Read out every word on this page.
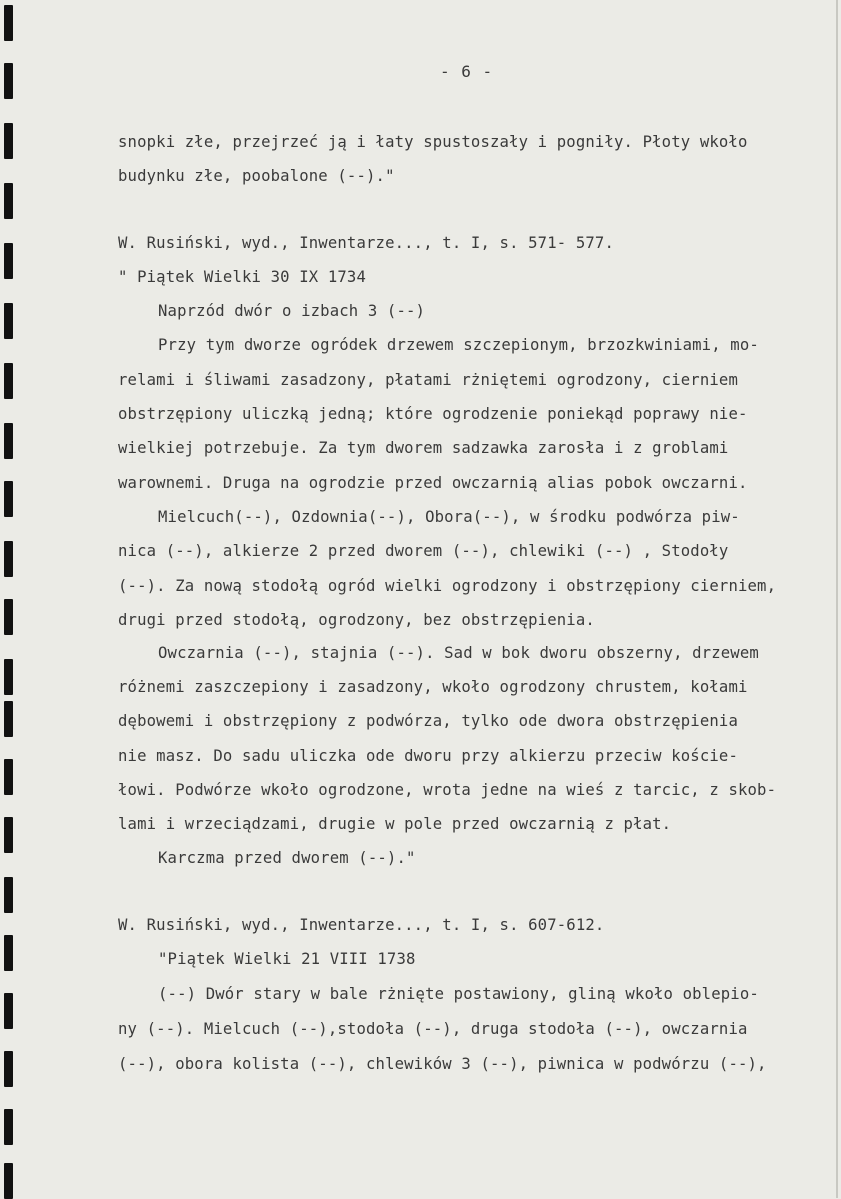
- 6 -
snopki złe, przejrzeć ją i łaty spustoszały i pogniły. Płoty wkoło
budynku złe, poobalone (--)."
W. Rusiński, wyd., Inwentarze..., t. I, s. 571- 577.
" Piątek Wielki 30 IX 1734
Naprzód dwór o izbach 3 (--)
Przy tym dworze ogródek drzewem szczepionym, brzozkwiniami, mo-
relami i śliwami zasadzony, płatami rżniętemi ogrodzony, cierniem
obstrzępiony uliczką jedną; które ogrodzenie poniekąd poprawy nie-
wielkiej potrzebuje. Za tym dworem sadzawka zarosła i z groblami
warownemi. Druga na ogrodzie przed owczarnią alias pobok owczarni.
Mielcuch(--), Ozdownia(--), Obora(--), w środku podwórza piw-
nica (--), alkierze 2 przed dworem (--), chlewiki (--) , Stodoły
(--). Za nową stodołą ogród wielki ogrodzony i obstrzępiony cierniem,
drugi przed stodołą, ogrodzony, bez obstrzępienia.
Owczarnia (--), stajnia (--). Sad w bok dworu obszerny, drzewem
różnemi zaszczepiony i zasadzony, wkoło ogrodzony chrustem, kołami
dębowemi i obstrzępiony z podwórza, tylko ode dwora obstrzępienia
nie masz. Do sadu uliczka ode dworu przy alkierzu przeciw koście-
łowi. Podwórze wkoło ogrodzone, wrota jedne na wieś z tarcic, z skob-
lami i wrzeciądzami, drugie w pole przed owczarnią z płat.
Karczma przed dworem (--)."
W. Rusiński, wyd., Inwentarze..., t. I, s. 607-612.
"Piątek Wielki 21 VIII 1738
(--) Dwór stary w bale rżnięte postawiony, gliną wkoło oblepio-
ny (--). Mielcuch (--),stodoła (--), druga stodoła (--), owczarnia
(--), obora kolista (--), chlewików 3 (--), piwnica w podwórzu (--),
